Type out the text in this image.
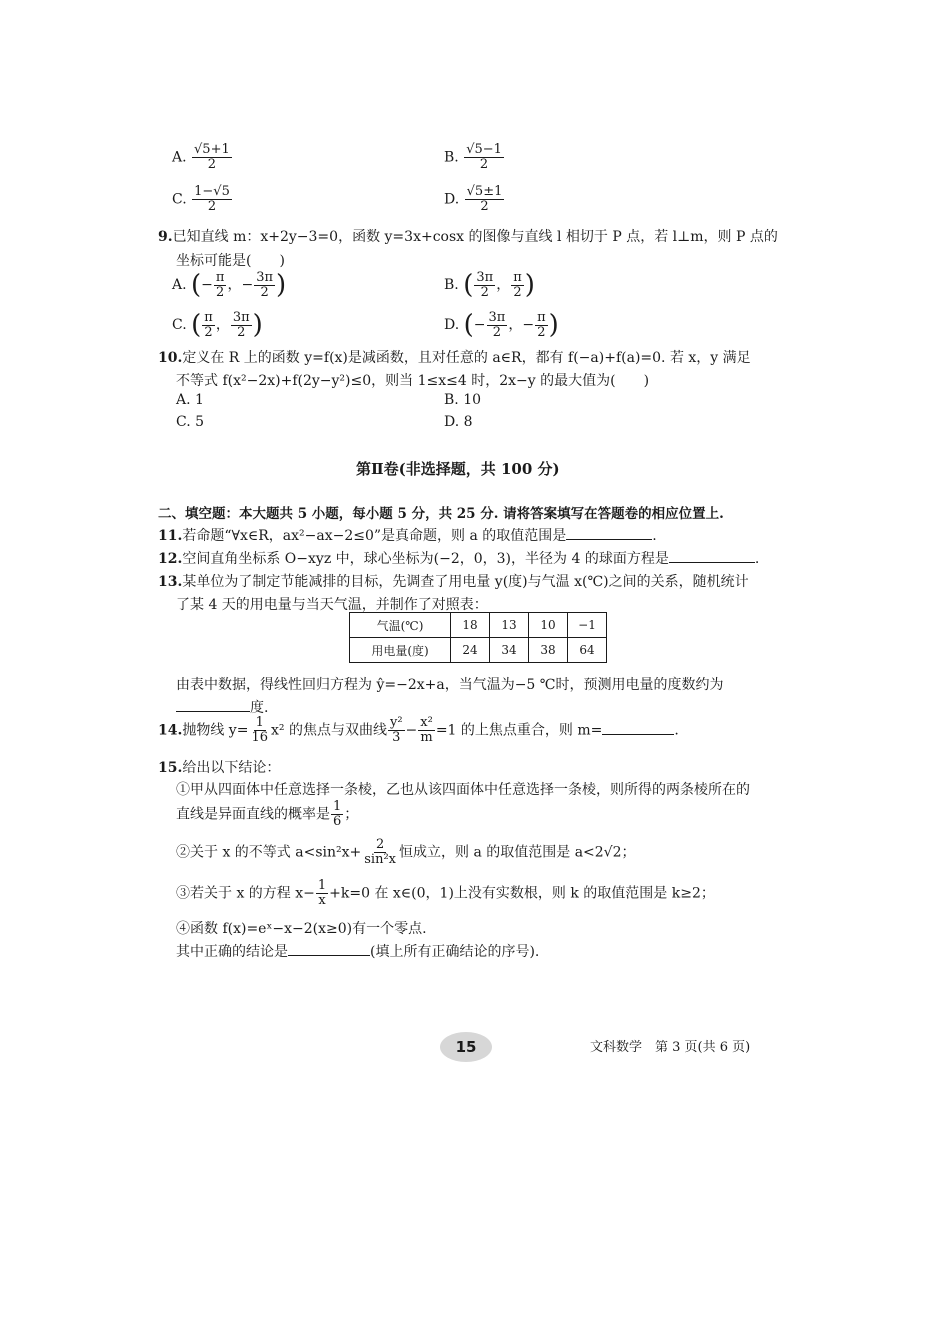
A. $\frac{√5+1}{2}$	B. $\frac{√5-1}{2}$
C. $\frac{1-√5}{2}$	D. $\frac{√5\pm 1}{2}$
9.已知直线 m：x+2y−3=0，函数 y=3x+cosx 的图像与直线 l 相切于 P 点，若 l⊥m，则 P 点的
坐标可能是(　　)
A. (− $\frac{\pi}{2}$ ，− $\frac{3\pi}{2}$ )	B. ( $\frac{3\pi}{2}$ ， $\frac{\pi}{2}$ )
C. ( $\frac{\pi}{2}$ ， $\frac{3\pi}{2}$ )	D. (− $\frac{3\pi}{2}$ ，− $\frac{\pi}{2}$ )
10.定义在 R 上的函数 y=f(x)是减函数，且对任意的 a∈R，都有 f(−a)+f(a)=0. 若 x，y 满足
不等式 f(x²−2x)+f(2y−y²)≤0，则当 1≤x≤4 时，2x−y 的最大值为(　　)
A. 1	B. 10
C. 5	D. 8
第Ⅱ卷(非选择题，共 100 分)
二、填空题：本大题共 5 小题，每小题 5 分，共 25 分. 请将答案填写在答题卷的相应位置上.
11.若命题“∀x∈R，ax²−ax−2≤0”是真命题，则 a 的取值范围是	.
12.空间直角坐标系 O−xyz 中，球心坐标为(−2，0，3)，半径为 4 的球面方程是	.
13.某单位为了制定节能减排的目标，先调查了用电量 y(度)与气温 x(℃)之间的关系，随机统计
了某 4 天的用电量与当天气温，并制作了对照表：
气温(℃)	18	13	10	−1
用电量(度)	24	34	38	64
由表中数据，得线性回归方程为 ŷ=−2x+a，当气温为−5 ℃时，预测用电量的度数约为
度.
14.抛物线 $y= \frac{1}{16} x^2$ 的焦点与双曲线 $\frac{\text{y²}}{3} - \frac{\text{x²}}{m} =1$ 的上焦点重合，则 m=	.
15.给出以下结论：
①甲从四面体中任意选择一条棱，乙也从该四面体中任意选择一条棱，则所得的两条棱所在的
直线是异面直线的概率是 $\frac{1}{6}$ ；
②关于 x 的不等式 $a<\sin^2x+ \frac{2}{\text{sin²x}}$ 恒成立，则 a 的取值范围是 a<2√2；
③若关于 x 的方程 $x- \frac{1}{x} +k=0$ 在 x∈(0，1)上没有实数根，则 k 的取值范围是 k≥2；
④函数 f(x)=eˣ−x−2(x≥0)有一个零点.
其中正确的结论是	(填上所有正确结论的序号).
15	文科数学 第 3 页(共 6 页)
